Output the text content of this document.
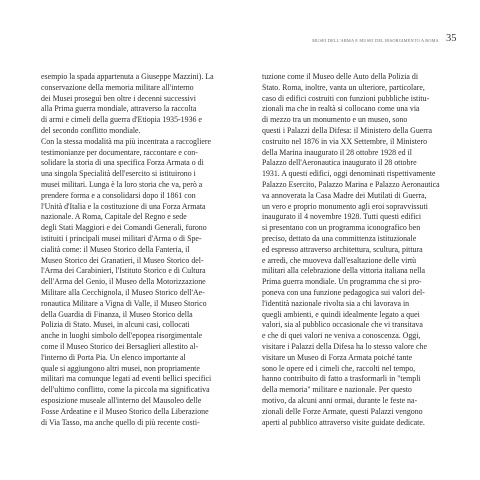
MUSEI DELL'ARMA E MUSEI DEL RISORGIMENTO A ROMA 35
esempio la spada appartenuta a Giuseppe Mazzini). La
conservazione della memoria militare all'interno
dei Musei proseguì ben oltre i decenni successivi
alla Prima guerra mondiale, attraverso la raccolta
di armi e cimeli della guerra d'Etiopia 1935-1936 e
del secondo conflitto mondiale.
Con la stessa modalità ma più incentrata a raccogliere
testimonianze per documentare, raccontare e con-
solidare la storia di una specifica Forza Armata o di
una singola Specialità dell'esercito si istituirono i
musei militari. Lunga è la loro storia che va, però a
prendere forma e a consolidarsi dopo il 1861 con
l'Unità d'Italia e la costituzione di una Forza Armata
nazionale. A Roma, Capitale del Regno e sede
degli Stati Maggiori e dei Comandi Generali, furono
istituiti i principali musei militari d'Arma o di Spe-
cialità come: il Museo Storico della Fanteria, il
Museo Storico dei Granatieri, il Museo Storico del-
l'Arma dei Carabinieri, l'Istituto Storico e di Cultura
dell'Arma del Genio, il Museo della Motorizzazione
Militare alla Cecchignola, il Museo Storico dell'Ae-
ronautica Militare a Vigna di Valle, il Museo Storico
della Guardia di Finanza, il Museo Storico della
Polizia di Stato. Musei, in alcuni casi, collocati
anche in luoghi simbolo dell'epopea risorgimentale
come il Museo Storico dei Bersaglieri allestito al-
l'interno di Porta Pia. Un elenco importante al
quale si aggiungono altri musei, non propriamente
militari ma comunque legati ad eventi bellici specifici
dell'ultimo conflitto, come la piccola ma significativa
esposizione museale all'interno del Mausoleo delle
Fosse Ardeatine e il Museo Storico della Liberazione
di Via Tasso, ma anche quello di più recente costi-
tuzione come il Museo delle Auto della Polizia di
Stato. Roma, inoltre, vanta un ulteriore, particolare,
caso di edifici costruiti con funzioni pubbliche istitu-
zionali ma che in realtà si collocano come una via
di mezzo tra un monumento e un museo, sono
questi i Palazzi della Difesa: il Ministero della Guerra
costruito nel 1876 in via XX Settembre, il Ministero
della Marina inaugurato il 28 ottobre 1928 ed il
Palazzo dell'Aeronautica inaugurato il 28 ottobre
1931. A questi edifici, oggi denominati rispettivamente
Palazzo Esercito, Palazzo Marina e Palazzo Aeronautica
va annoverata la Casa Madre dei Mutilati di Guerra,
un vero e proprio monumento agli eroi sopravvissuti
inaugurato il 4 novembre 1928. Tutti questi edifici
si presentano con un programma iconografico ben
preciso, dettato da una committenza istituzionale
ed espresso attraverso architettura, scultura, pittura
e arredi, che muoveva dall'esaltazione delle virtù
militari alla celebrazione della vittoria italiana nella
Prima guerra mondiale. Un programma che si pro-
poneva con una funzione pedagogica sui valori del-
l'identità nazionale rivolta sia a chi lavorava in
quegli ambienti, e quindi idealmente legato a quei
valori, sia al pubblico occasionale che vi transitava
e che di quei valori ne veniva a conoscenza. Oggi,
visitare i Palazzi della Difesa ha lo stesso valore che
visitare un Museo di Forza Armata poiché tante
sono le opere ed i cimeli che, raccolti nel tempo,
hanno contribuito di fatto a trasformarli in "templi
della memoria" militare e nazionale. Per questo
motivo, da alcuni anni ormai, durante le feste na-
zionali delle Forze Armate, questi Palazzi vengono
aperti al pubblico attraverso visite guidate dedicate.
